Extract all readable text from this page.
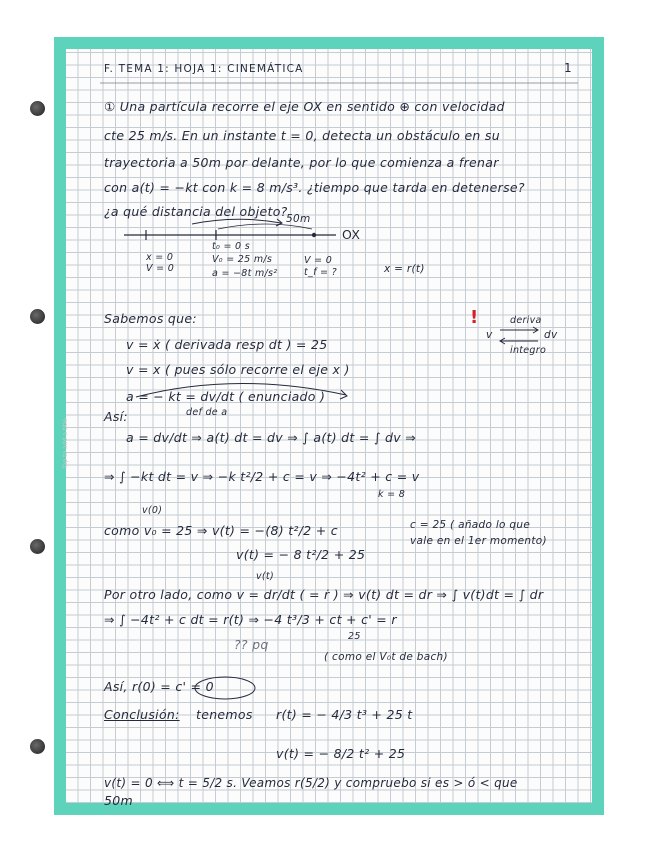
Tap to add a title
F. TEMA 1: HOJA 1: CINEMÁTICA	1
① Una partícula recorre el eje OX en sentido ⊕ con velocidad
cte 25 m/s. En un instante t = 0, detecta un obstáculo en su
trayectoria a 50m por delante, por lo que comienza a frenar
con a(t) = −kt con k = 8 m/s³. ¿tiempo que tarda en detenerse?
¿a qué distancia del objeto?
50m
OX
x = 0
V = 0
t₀ = 0 s
V₀ = 25 m/s
a = −8t m/s²
V = 0
t_f = ?	x = r(t)
Sabemos que:
v = ẋ ( derivada resp dt ) = 25
v = x ( pues sólo recorre el eje x )
a = − kt = dv/dt ( enunciado )
def de a
!
v
deriva
dv
integro
Así:
a = dv/dt ⇒ a(t) dt = dv ⇒ ∫ a(t) dt = ∫ dv ⇒
⇒ ∫ −kt dt = v ⇒ −k t²/2 + c = v ⇒ −4t² + c = v
k = 8
v(0)
como v₀ = 25 ⇒ v(t) = −(8) t²/2 + c	c = 25 ( añado lo que
vale en el 1er momento)
v(t) = − 8 t²/2 + 25
v(t)
Por otro lado, como v = dr/dt ( = ṙ ) ⇒ v(t) dt = dr ⇒ ∫ v(t)dt = ∫ dr
⇒ ∫ −4t² + c dt = r(t) ⇒ −4 t³/3 + ct + c' = r
25
?? pq
( como el V₀t de bach)
Así, r(0) = c' = 0
Conclusión: tenemos r(t) = − 4/3 t³ + 25 t
v(t) = − 8/2 t² + 25
v(t) = 0 ⟺ t = 5/2 s. Veamos r(5/2) y compruebo si es > ó < que
50m
